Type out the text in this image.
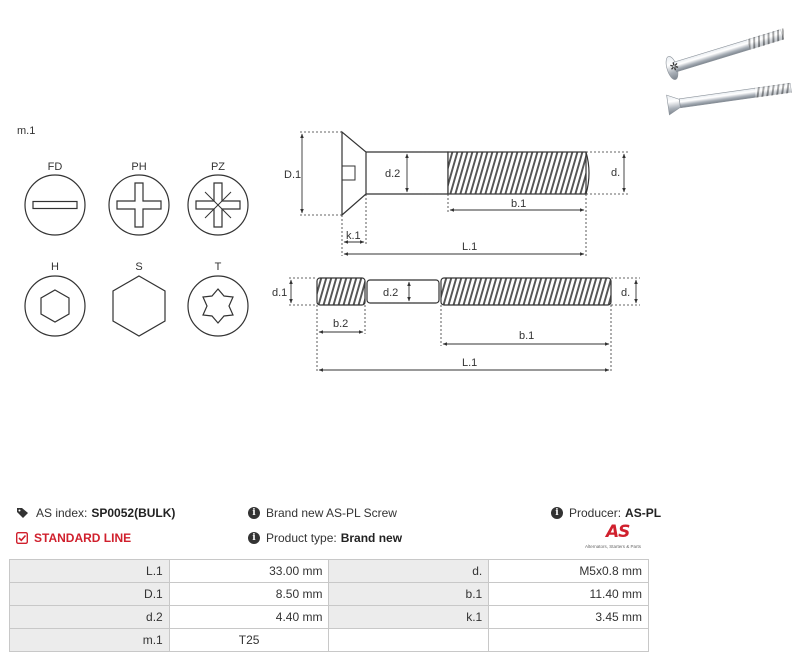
m.1
FD	PH	PZ
H	S	T
D.1	d.2	d.
b.1
k.1
L.1
d.1	d.2	d.
b.2
b.1
L.1
✲
AS index: SP0052(BULK)
STANDARD LINE
i Brand new AS-PL Screw
i Product type: Brand new
i Producer: AS-PL
AS
Alternators, Starters & Parts
L.1	33.00 mm	d.	M5x0.8 mm
D.1	8.50 mm	b.1	11.40 mm
d.2	4.40 mm	k.1	3.45 mm
m.1	T25		
